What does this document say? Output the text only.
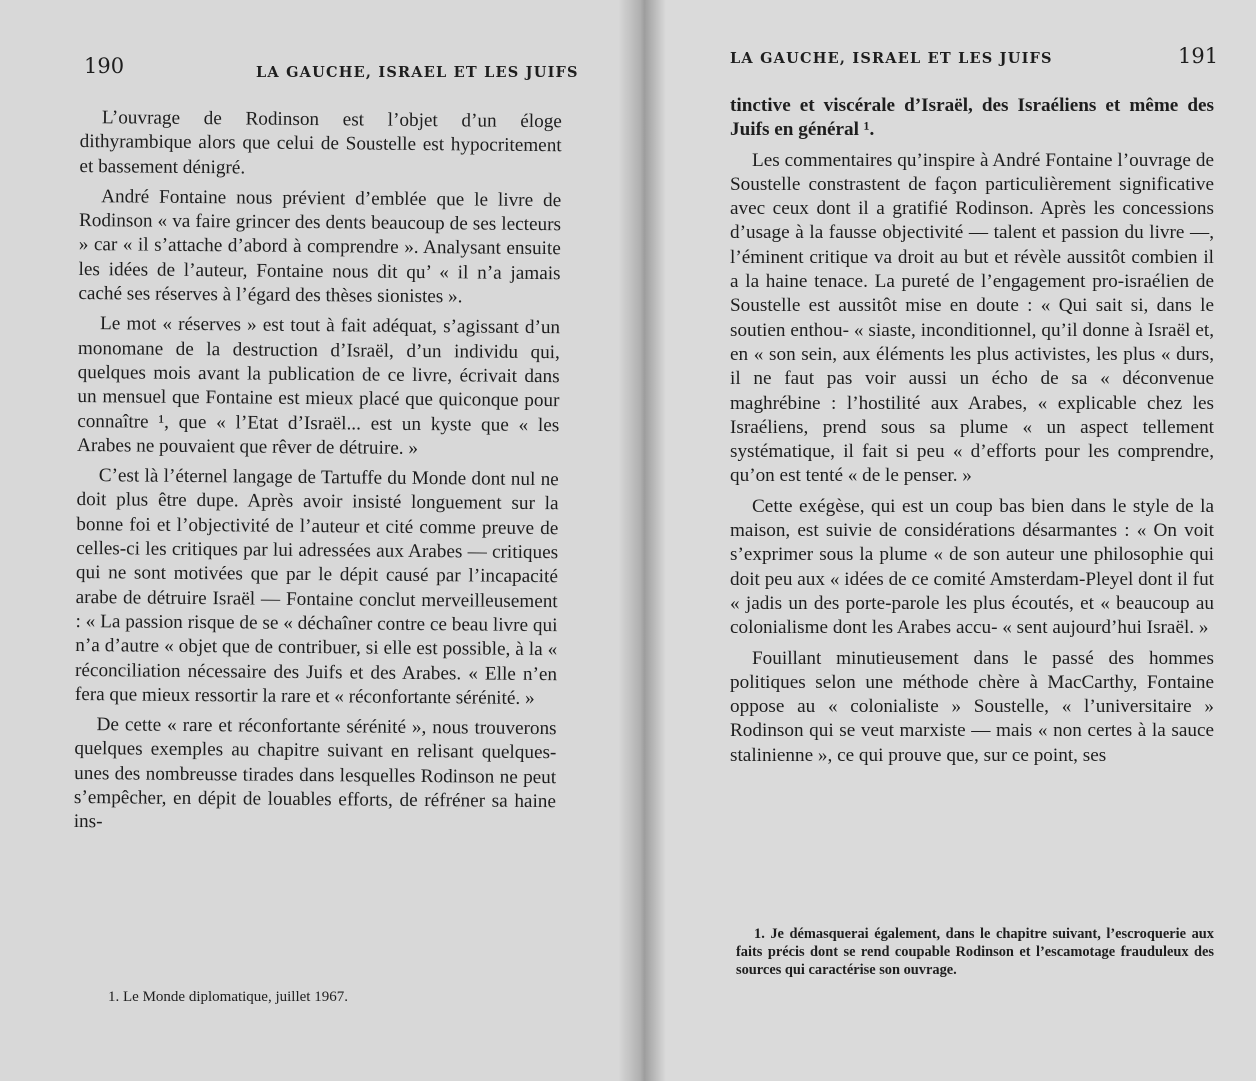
190	LA GAUCHE, ISRAEL ET LES JUIFS

L’ouvrage de Rodinson est l’objet d’un éloge dithyrambique alors que celui de Soustelle est hypocritement et bassement dénigré.

André Fontaine nous prévient d’emblée que le livre de Rodinson « va faire grincer des dents beaucoup de ses lecteurs » car « il s’attache d’abord à comprendre ». Analysant ensuite les idées de l’auteur, Fontaine nous dit qu’ « il n’a jamais caché ses réserves à l’égard des thèses sionistes ».

Le mot « réserves » est tout à fait adéquat, s’agissant d’un monomane de la destruction d’Israël, d’un individu qui, quelques mois avant la publication de ce livre, écrivait dans un mensuel que Fontaine est mieux placé que quiconque pour connaître ¹, que « l’Etat d’Israël... est un kyste que « les Arabes ne pouvaient que rêver de détruire. »

C’est là l’éternel langage de Tartuffe du Monde dont nul ne doit plus être dupe. Après avoir insisté longuement sur la bonne foi et l’objectivité de l’auteur et cité comme preuve de celles-ci les critiques par lui adressées aux Arabes — critiques qui ne sont motivées que par le dépit causé par l’incapacité arabe de détruire Israël — Fontaine conclut merveilleusement : « La passion risque de se « déchaîner contre ce beau livre qui n’a d’autre « objet que de contribuer, si elle est possible, à la « réconciliation nécessaire des Juifs et des Arabes. « Elle n’en fera que mieux ressortir la rare et « réconfortante sérénité. »

De cette « rare et réconfortante sérénité », nous trouverons quelques exemples au chapitre suivant en relisant quelques-unes des nombreusse tirades dans lesquelles Rodinson ne peut s’empêcher, en dépit de louables efforts, de réfréner sa haine ins-

1. Le Monde diplomatique, juillet 1967.

LA GAUCHE, ISRAEL ET LES JUIFS	191

tinctive et viscérale d’Israël, des Israéliens et même des Juifs en général ¹.

Les commentaires qu’inspire à André Fontaine l’ouvrage de Soustelle constrastent de façon particulièrement significative avec ceux dont il a gratifié Rodinson. Après les concessions d’usage à la fausse objectivité — talent et passion du livre —, l’éminent critique va droit au but et révèle aussitôt combien il a la haine tenace. La pureté de l’engagement pro-israélien de Soustelle est aussitôt mise en doute : « Qui sait si, dans le soutien enthou- « siaste, inconditionnel, qu’il donne à Israël et, en « son sein, aux éléments les plus activistes, les plus « durs, il ne faut pas voir aussi un écho de sa « déconvenue maghrébine : l’hostilité aux Arabes, « explicable chez les Israéliens, prend sous sa plume « un aspect tellement systématique, il fait si peu « d’efforts pour les comprendre, qu’on est tenté « de le penser. »

Cette exégèse, qui est un coup bas bien dans le style de la maison, est suivie de considérations désarmantes : « On voit s’exprimer sous la plume « de son auteur une philosophie qui doit peu aux « idées de ce comité Amsterdam-Pleyel dont il fut « jadis un des porte-parole les plus écoutés, et « beaucoup au colonialisme dont les Arabes accu- « sent aujourd’hui Israël. »

Fouillant minutieusement dans le passé des hommes politiques selon une méthode chère à MacCarthy, Fontaine oppose au « colonialiste » Soustelle, « l’universitaire » Rodinson qui se veut marxiste — mais « non certes à la sauce stalinienne », ce qui prouve que, sur ce point, ses

1. Je démasquerai également, dans le chapitre suivant, l’escroquerie aux faits précis dont se rend coupable Rodinson et l’escamotage frauduleux des sources qui caractérise son ouvrage.
